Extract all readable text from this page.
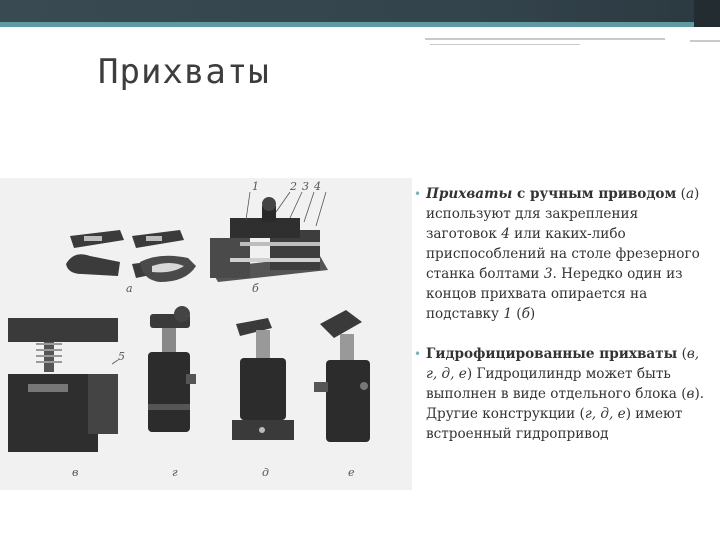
Прихваты
1	2 3 4
a	б
5
в	г	д	е

• Прихваты с ручным приводом (а) используют для закрепления заготовок 4 или каких-либо приспособлений на столе фрезерного станка болтами 3. Нередко один из концов прихвата опирается на подставку 1 (б)

• Гидрофицированные прихваты (в, г, д, е) Гидроцилиндр может быть выполнен в виде отдельного блока (в). Другие конструкции (г, д, е) имеют встроенный гидропривод
